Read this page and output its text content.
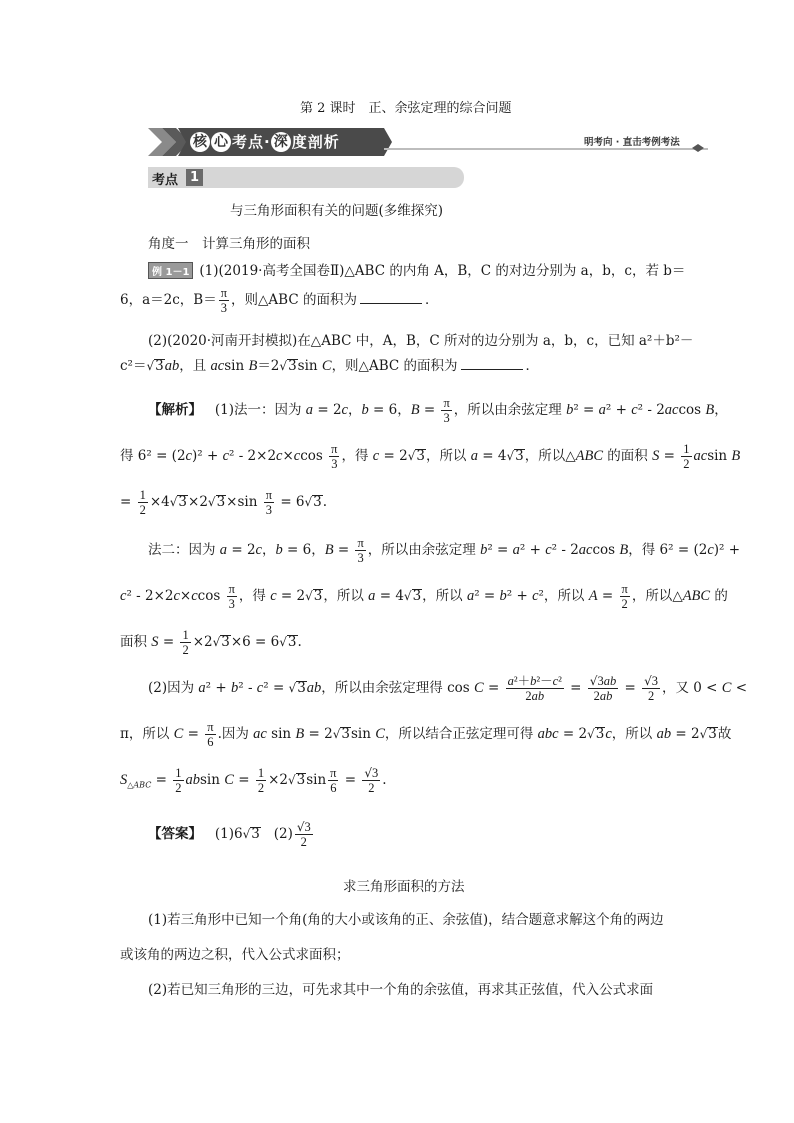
第 2 课时　正、余弦定理的综合问题
核 心 考 点 · 深 度 剖 析	明考向 · 直击考例考法
考点 1
与三角形面积有关的问题(多维探究)
角度一　计算三角形的面积
例 1－1 (1)(2019·高考全国卷Ⅱ)△ABC 的内角 A，B，C 的对边分别为 a，b，c，若 b＝
6，a＝2c，$B= \frac{\pi}{3}$ ，则△ABC 的面积为	．
(2)(2020·河南开封模拟)在△ABC 中，A，B，C 所对的边分别为 a，b，c，已知 a²＋b²－
c²＝√3ab，且 acsin B＝2√3sin C，则△ABC 的面积为	．
【解析】 (1)法一：因为 a = 2c，b = 6，$B = \frac{\pi}{3}$ ，所以由余弦定理 b² = a² + c² - 2accos B，
得 $6^2 = (2c)^2 + c^2 - 2\times 2c\times ccos \frac{\pi}{3}$ ，得 c = 2√3，所以 a = 4√3，所以△ABC 的面积 $S = \frac{1}{2}$ acsin B
= $\frac{1}{2} \times 4√3\times 2√3\times\sin \frac{\pi}{3} = 6√3$.
法二：因为 a = 2c，b = 6，$B = \frac{\pi}{3}$ ，所以由余弦定理 b² = a² + c² - 2accos B，得 6² = (2c)² +
$c^2 - 2\times 2c\times ccos \frac{\pi}{3}$ ，得 c = 2√3，所以 a = 4√3，所以 a² = b² + c²，所以 $A = \frac{\pi}{2}$ ，所以△ABC 的
面积 $S = \frac{1}{2} \times 2√3\times 6 = 6√3$.
(2)因为 a² + b² - c² = √3ab，所以由余弦定理得 $\cos C = \frac{\text{a²＋b²－c²}}{2ab} = \frac{√3ab}{2ab} = \frac{√3}{2}$ ，又 0 < C <
π，所以 $C = \frac{\pi}{6}$ .因为 ac sin B = 2√3sin C，所以结合正弦定理可得 abc = 2√3c，所以 ab = 2√3故
$S_{\triangle ABC} = \frac{1}{2}$ absin $C = \frac{1}{2} \times 2√3\sin \frac{\pi}{6} = \frac{√3}{2}$ .
【答案】 (1)6√3 $(2) \frac{√3}{2}$
求三角形面积的方法
(1)若三角形中已知一个角(角的大小或该角的正、余弦值)，结合题意求解这个角的两边
或该角的两边之积，代入公式求面积；
(2)若已知三角形的三边，可先求其中一个角的余弦值，再求其正弦值，代入公式求面
